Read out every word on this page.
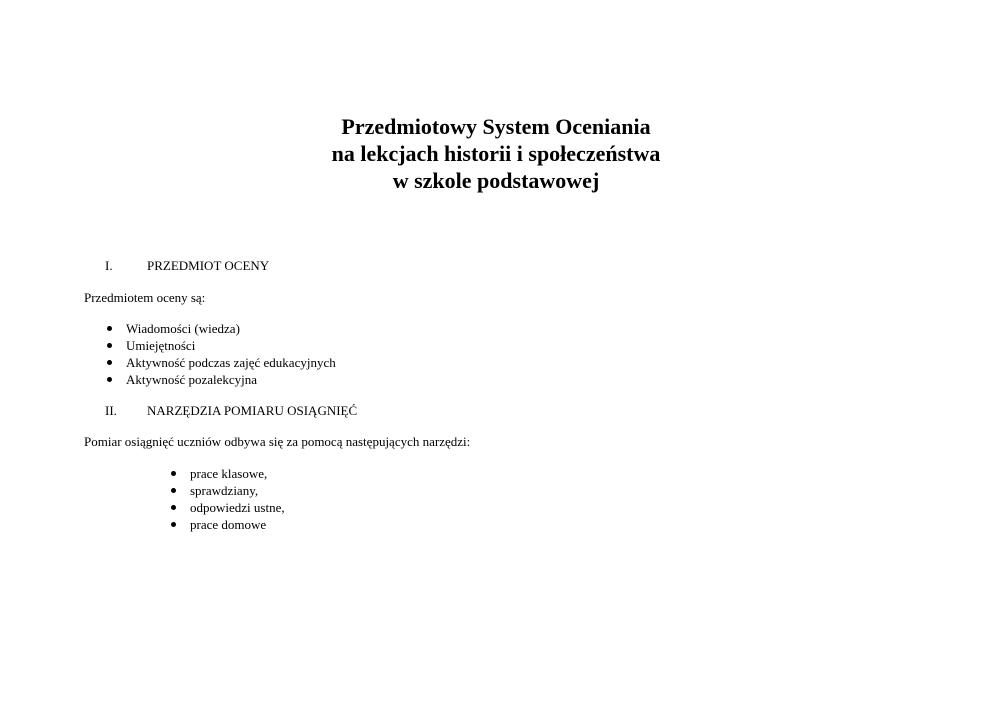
Przedmiotowy System Oceniania
na lekcjach historii i społeczeństwa
w szkole podstawowej
I.	PRZEDMIOT OCENY
Przedmiotem oceny są:
Wiadomości (wiedza)
Umiejętności
Aktywność podczas zajęć edukacyjnych
Aktywność pozalekcyjna
II. NARZĘDZIA POMIARU OSIĄGNIĘĆ
Pomiar osiągnięć uczniów odbywa się za pomocą następujących narzędzi:
prace klasowe,
sprawdziany,
odpowiedzi ustne,
prace domowe
